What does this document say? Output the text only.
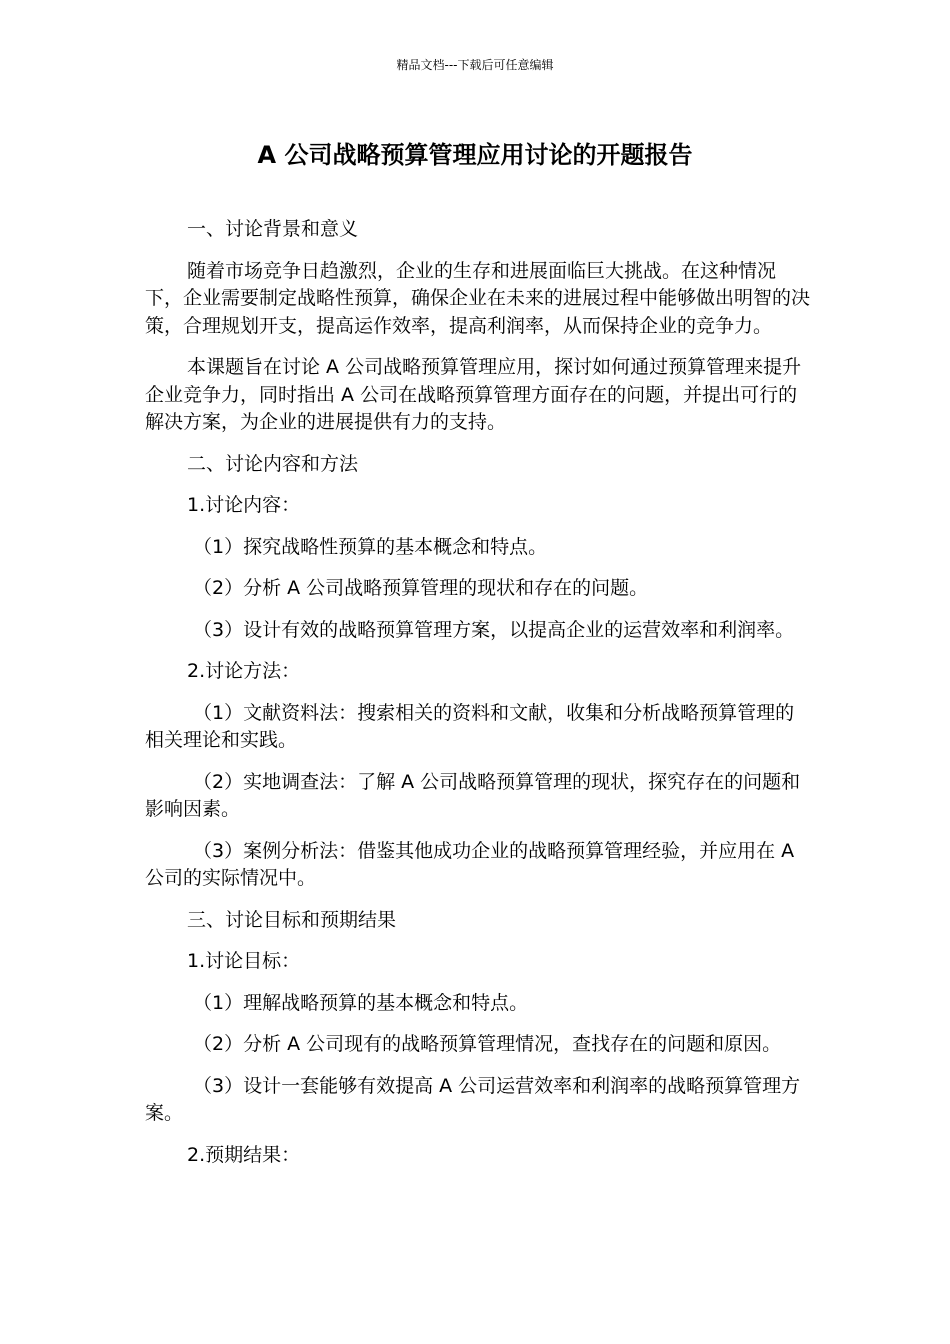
精品文档---下载后可任意编辑
A 公司战略预算管理应用讨论的开题报告

一、讨论背景和意义

随着市场竞争日趋激烈，企业的生存和进展面临巨大挑战。在这种情况下，企业需要制定战略性预算，确保企业在未来的进展过程中能够做出明智的决策，合理规划开支，提高运作效率，提高利润率，从而保持企业的竞争力。

本课题旨在讨论 A 公司战略预算管理应用，探讨如何通过预算管理来提升企业竞争力，同时指出 A 公司在战略预算管理方面存在的问题，并提出可行的解决方案，为企业的进展提供有力的支持。

二、讨论内容和方法

1.讨论内容：

（1）探究战略性预算的基本概念和特点。

（2）分析 A 公司战略预算管理的现状和存在的问题。

（3）设计有效的战略预算管理方案，以提高企业的运营效率和利润率。

2.讨论方法：

（1）文献资料法：搜索相关的资料和文献，收集和分析战略预算管理的相关理论和实践。

（2）实地调查法：了解 A 公司战略预算管理的现状，探究存在的问题和影响因素。

（3）案例分析法：借鉴其他成功企业的战略预算管理经验，并应用在 A 公司的实际情况中。

三、讨论目标和预期结果

1.讨论目标：

（1）理解战略预算的基本概念和特点。

（2）分析 A 公司现有的战略预算管理情况，查找存在的问题和原因。

（3）设计一套能够有效提高 A 公司运营效率和利润率的战略预算管理方案。

2.预期结果：
